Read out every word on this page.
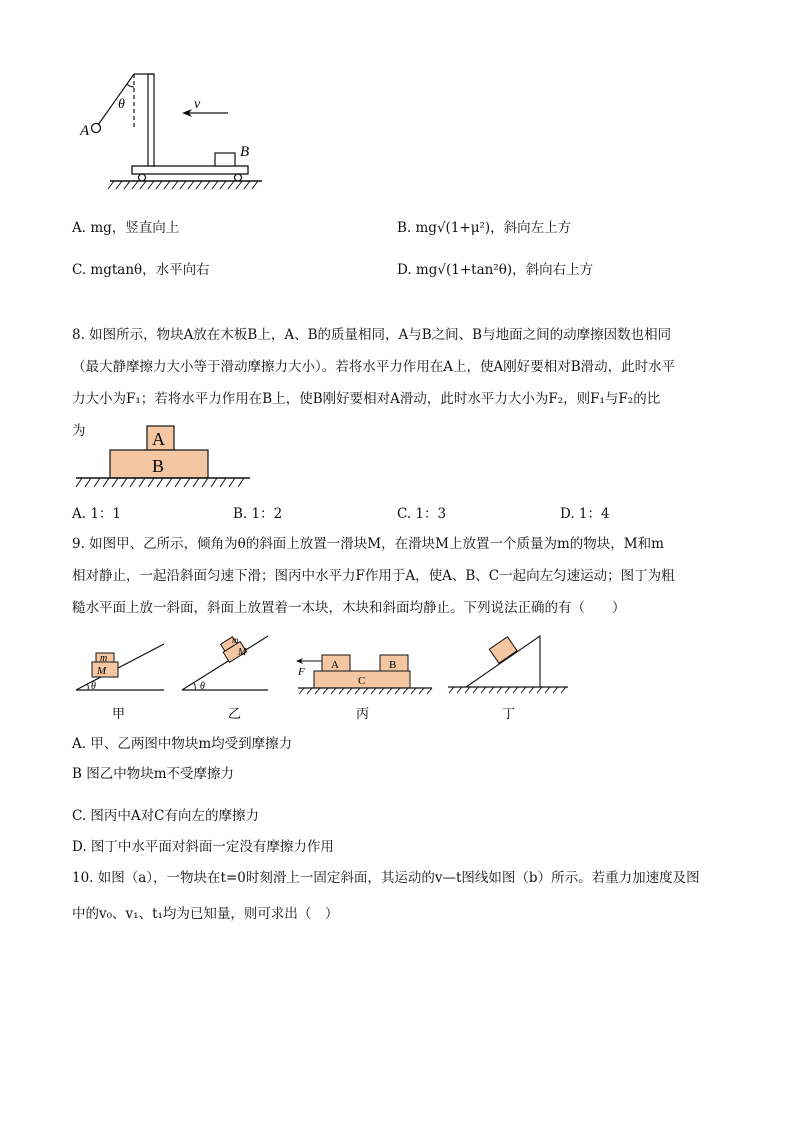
A
θ
B
v
A. mg，竖直向上	B. mg√(1+μ²)，斜向左上方
C. mgtanθ，水平向右	D. mg√(1+tan²θ)，斜向右上方
8. 如图所示，物块A放在木板B上，A、B的质量相同，A与B之间、B与地面之间的动摩擦因数也相同
（最大静摩擦力大小等于滑动摩擦力大小）。若将水平力作用在A上，使A刚好要相对B滑动，此时水平
力大小为F₁；若将水平力作用在B上，使B刚好要相对A滑动，此时水平力大小为F₂，则F₁与F₂的比
为	A
B
A. 1：1	B. 1：2	C. 1：3	D. 1：4
9. 如图甲、乙所示，倾角为θ的斜面上放置一滑块M，在滑块M上放置一个质量为m的物块，M和m
相对静止，一起沿斜面匀速下滑；图丙中水平力F作用于A，使A、B、C一起向左匀速运动；图丁为粗
糙水平面上放一斜面，斜面上放置着一木块，木块和斜面均静止。下列说法正确的有（　　）
m
M
θ
甲
m
M
θ
乙
A	B
C
F
丙	丁
A. 甲、乙两图中物块m均受到摩擦力
B 图乙中物块m不受摩擦力
C. 图丙中A对C有向左的摩擦力
D. 图丁中水平面对斜面一定没有摩擦力作用
10. 如图（a），一物块在t=0时刻滑上一固定斜面，其运动的v—t图线如图（b）所示。若重力加速度及图
中的v₀、v₁、t₁均为已知量，则可求出（　）
